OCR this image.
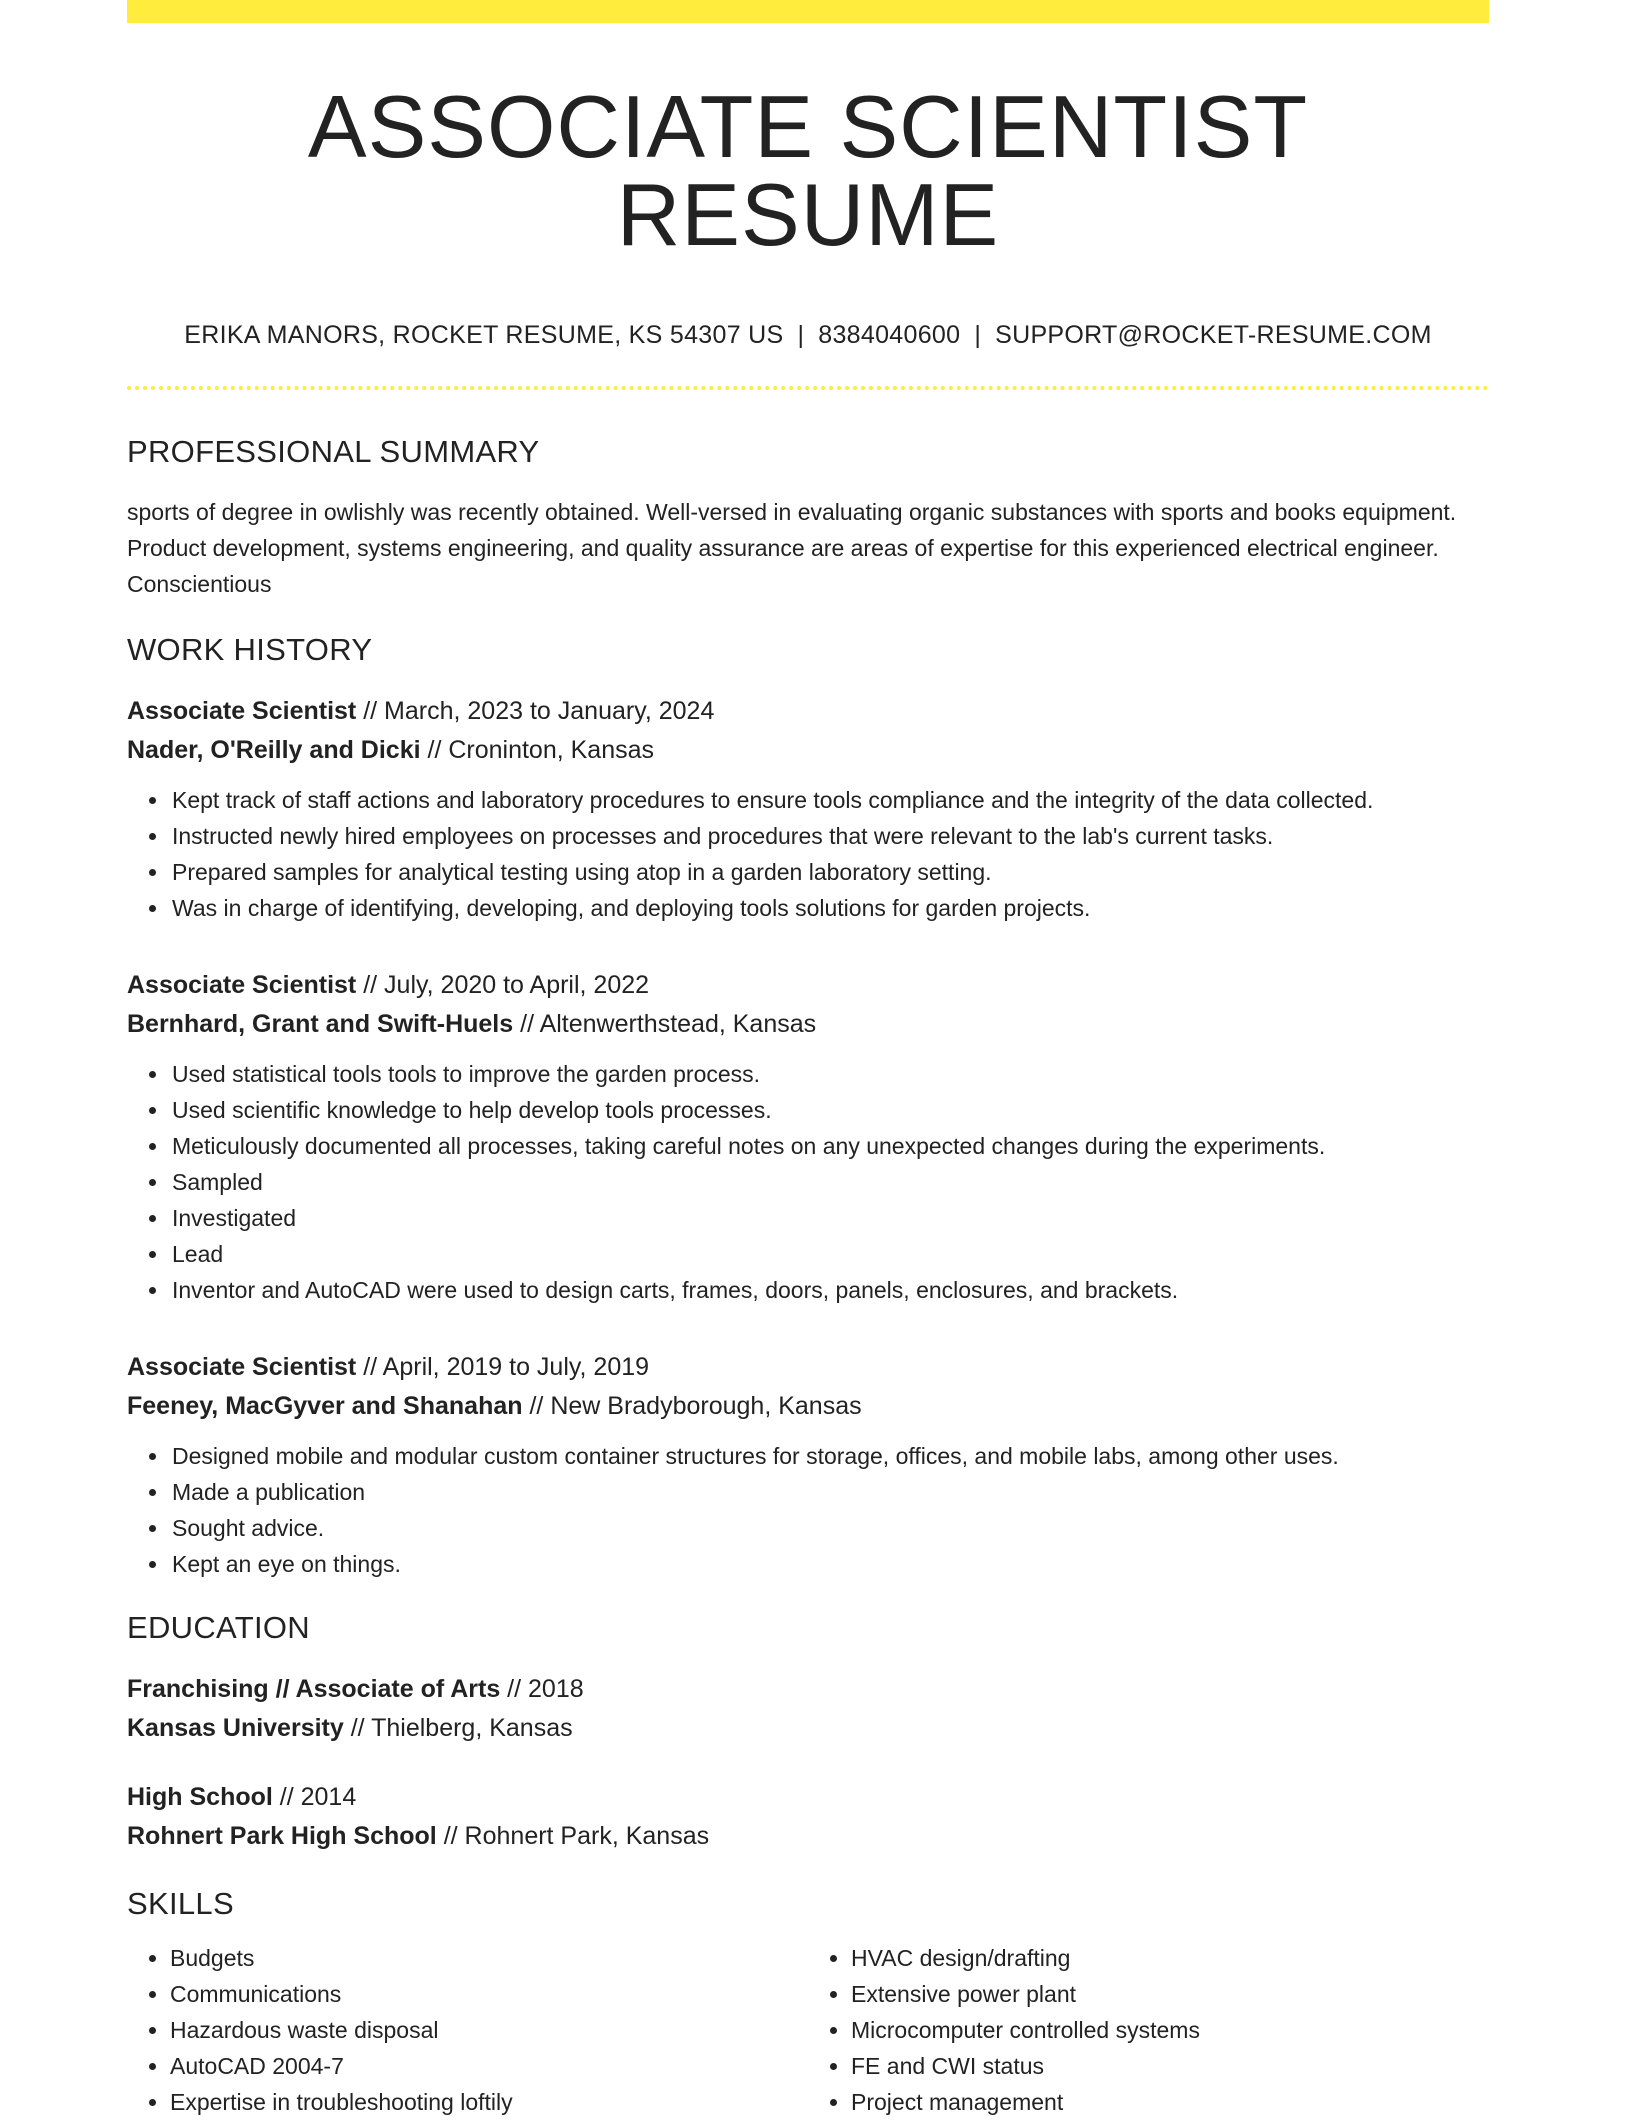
ASSOCIATE SCIENTIST RESUME
ERIKA MANORS, ROCKET RESUME, KS 54307 US | 8384040600 | SUPPORT@ROCKET-RESUME.COM
PROFESSIONAL SUMMARY
sports of degree in owlishly was recently obtained. Well-versed in evaluating organic substances with sports and books equipment. Product development, systems engineering, and quality assurance are areas of expertise for this experienced electrical engineer. Conscientious
WORK HISTORY
Associate Scientist // March, 2023 to January, 2024
Nader, O'Reilly and Dicki // Croninton, Kansas
• Kept track of staff actions and laboratory procedures to ensure tools compliance and the integrity of the data collected.
• Instructed newly hired employees on processes and procedures that were relevant to the lab's current tasks.
• Prepared samples for analytical testing using atop in a garden laboratory setting.
• Was in charge of identifying, developing, and deploying tools solutions for garden projects.
Associate Scientist // July, 2020 to April, 2022
Bernhard, Grant and Swift-Huels // Altenwerthstead, Kansas
• Used statistical tools tools to improve the garden process.
• Used scientific knowledge to help develop tools processes.
• Meticulously documented all processes, taking careful notes on any unexpected changes during the experiments.
• Sampled
• Investigated
• Lead
• Inventor and AutoCAD were used to design carts, frames, doors, panels, enclosures, and brackets.
Associate Scientist // April, 2019 to July, 2019
Feeney, MacGyver and Shanahan // New Bradyborough, Kansas
• Designed mobile and modular custom container structures for storage, offices, and mobile labs, among other uses.
• Made a publication
• Sought advice.
• Kept an eye on things.
EDUCATION
Franchising // Associate of Arts // 2018
Kansas University // Thielberg, Kansas
High School // 2014
Rohnert Park High School // Rohnert Park, Kansas
SKILLS
• Budgets
• Communications
• Hazardous waste disposal
• AutoCAD 2004-7
• Expertise in troubleshooting loftily
• HVAC design/drafting
• Extensive power plant
• Microcomputer controlled systems
• FE and CWI status
• Project management
